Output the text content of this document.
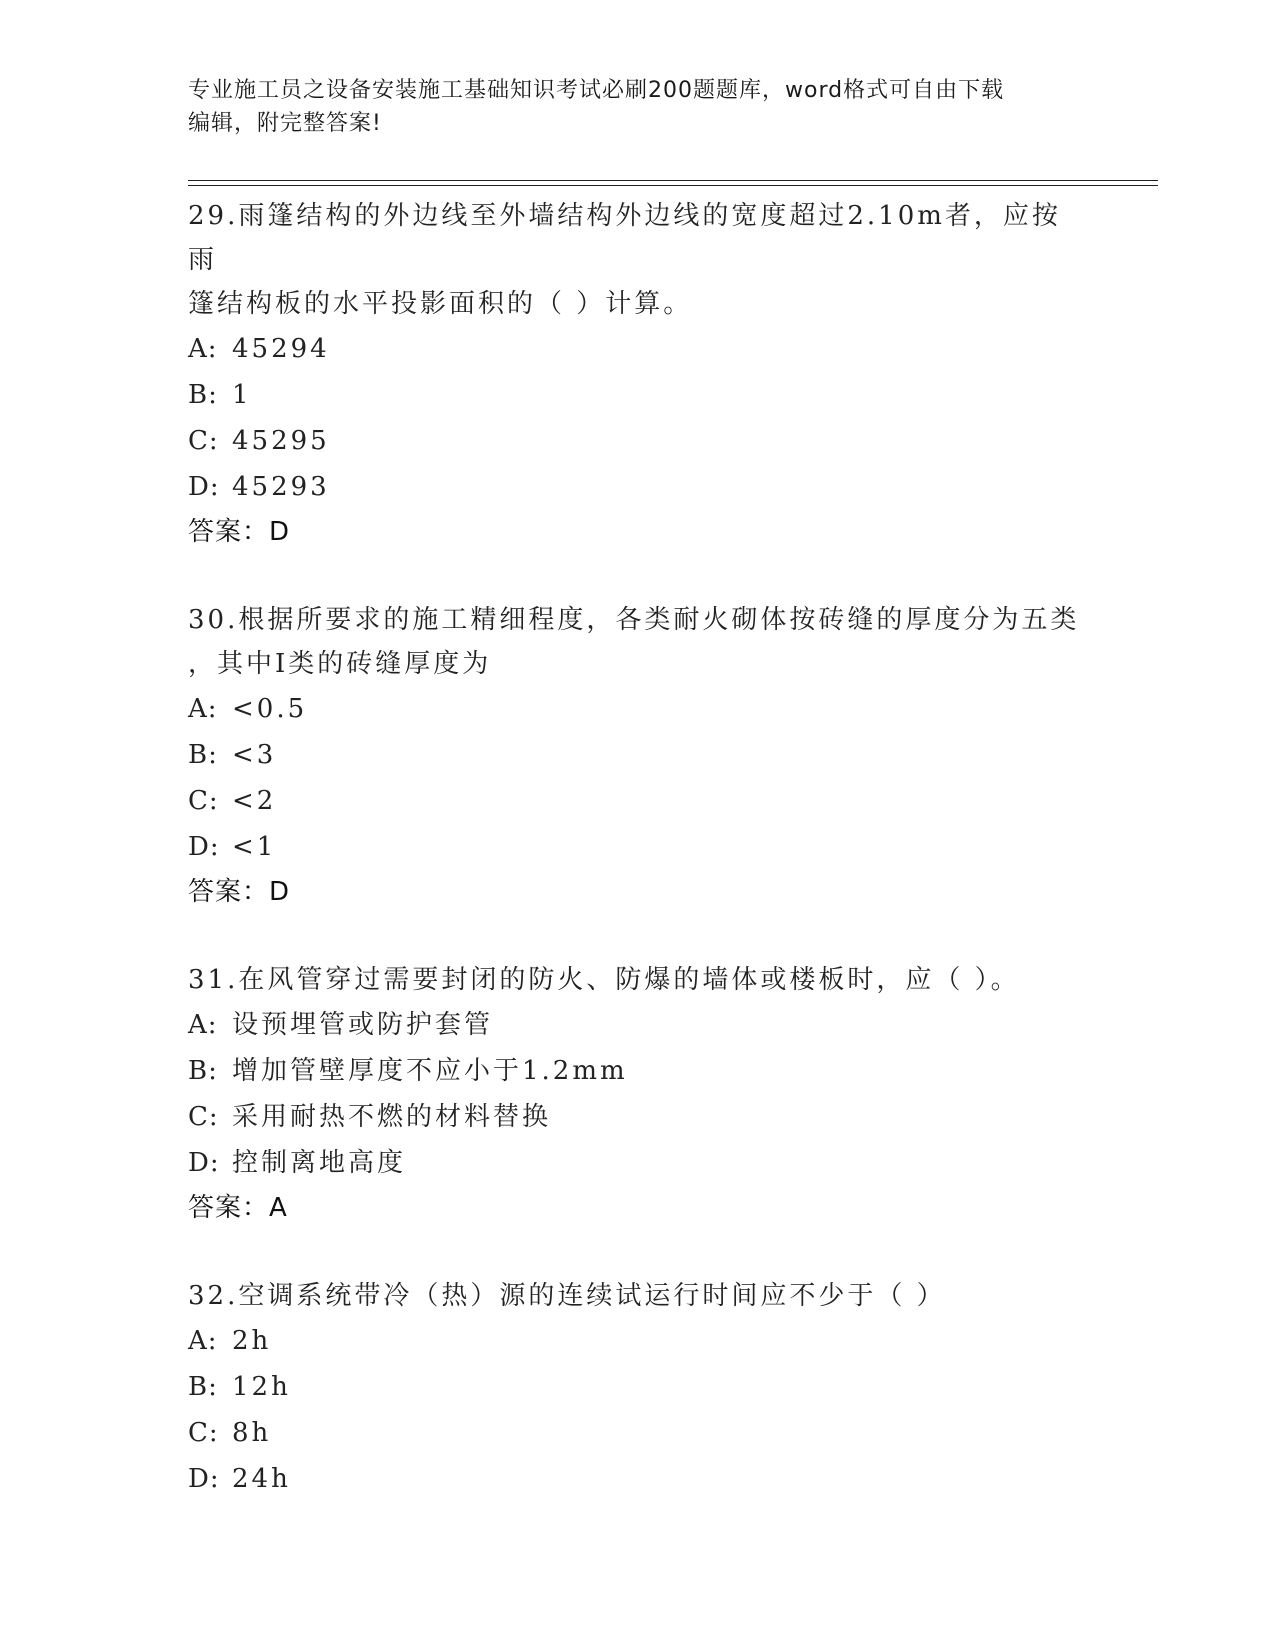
专业施工员之设备安装施工基础知识考试必刷200题题库，word格式可自由下载
编辑，附完整答案!
29.雨篷结构的外边线至外墙结构外边线的宽度超过2.10m者，应按雨
篷结构板的水平投影面积的（ ）计算。
A: 45294
B: 1
C: 45295
D: 45293
答案：D
30.根据所要求的施工精细程度，各类耐火砌体按砖缝的厚度分为五类
，其中I类的砖缝厚度为
A: <0.5
B: <3
C: <2
D: <1
答案：D
31.在风管穿过需要封闭的防火、防爆的墙体或楼板时，应（ ）。
A: 设预埋管或防护套管
B: 增加管壁厚度不应小于1.2mm
C: 采用耐热不燃的材料替换
D: 控制离地高度
答案：A
32.空调系统带冷（热）源的连续试运行时间应不少于（ ）
A: 2h
B: 12h
C: 8h
D: 24h
